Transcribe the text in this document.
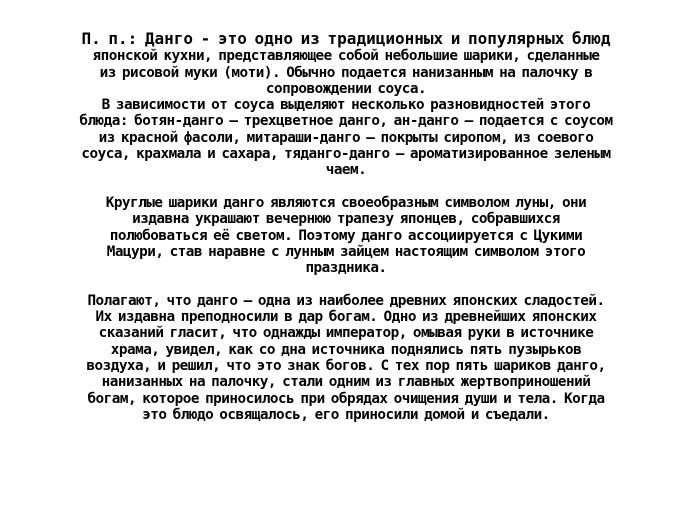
П. п.: Данго - это одно из традиционных и популярных блюд
японской кухни, представляющее собой небольшие шарики, сделанные
из рисовой муки (моти). Обычно подается нанизанным на палочку в
сопровождении соуса.
В зависимости от соуса выделяют несколько разновидностей этого
блюда: ботян-данго – трехцветное данго, ан-данго – подается с соусом
из красной фасоли, митараши-данго – покрыты сиропом, из соевого
соуса, крахмала и сахара, тяданго-данго – ароматизированное зеленым
чаем.

Круглые шарики данго являются своеобразным символом луны, они
издавна украшают вечернюю трапезу японцев, собравшихся
полюбоваться её светом. Поэтому данго ассоциируется с Цукими
Мацури, став наравне с лунным зайцем настоящим символом этого
праздника.

Полагают, что данго – одна из наиболее древних японских сладостей.
Их издавна преподносили в дар богам. Одно из древнейших японских
сказаний гласит, что однажды император, омывая руки в источнике
храма, увидел, как со дна источника поднялись пять пузырьков
воздуха, и решил, что это знак богов. С тех пор пять шариков данго,
нанизанных на палочку, стали одним из главных жертвоприношений
богам, которое приносилось при обрядах очищения души и тела. Когда
это блюдо освящалось, его приносили домой и съедали.
